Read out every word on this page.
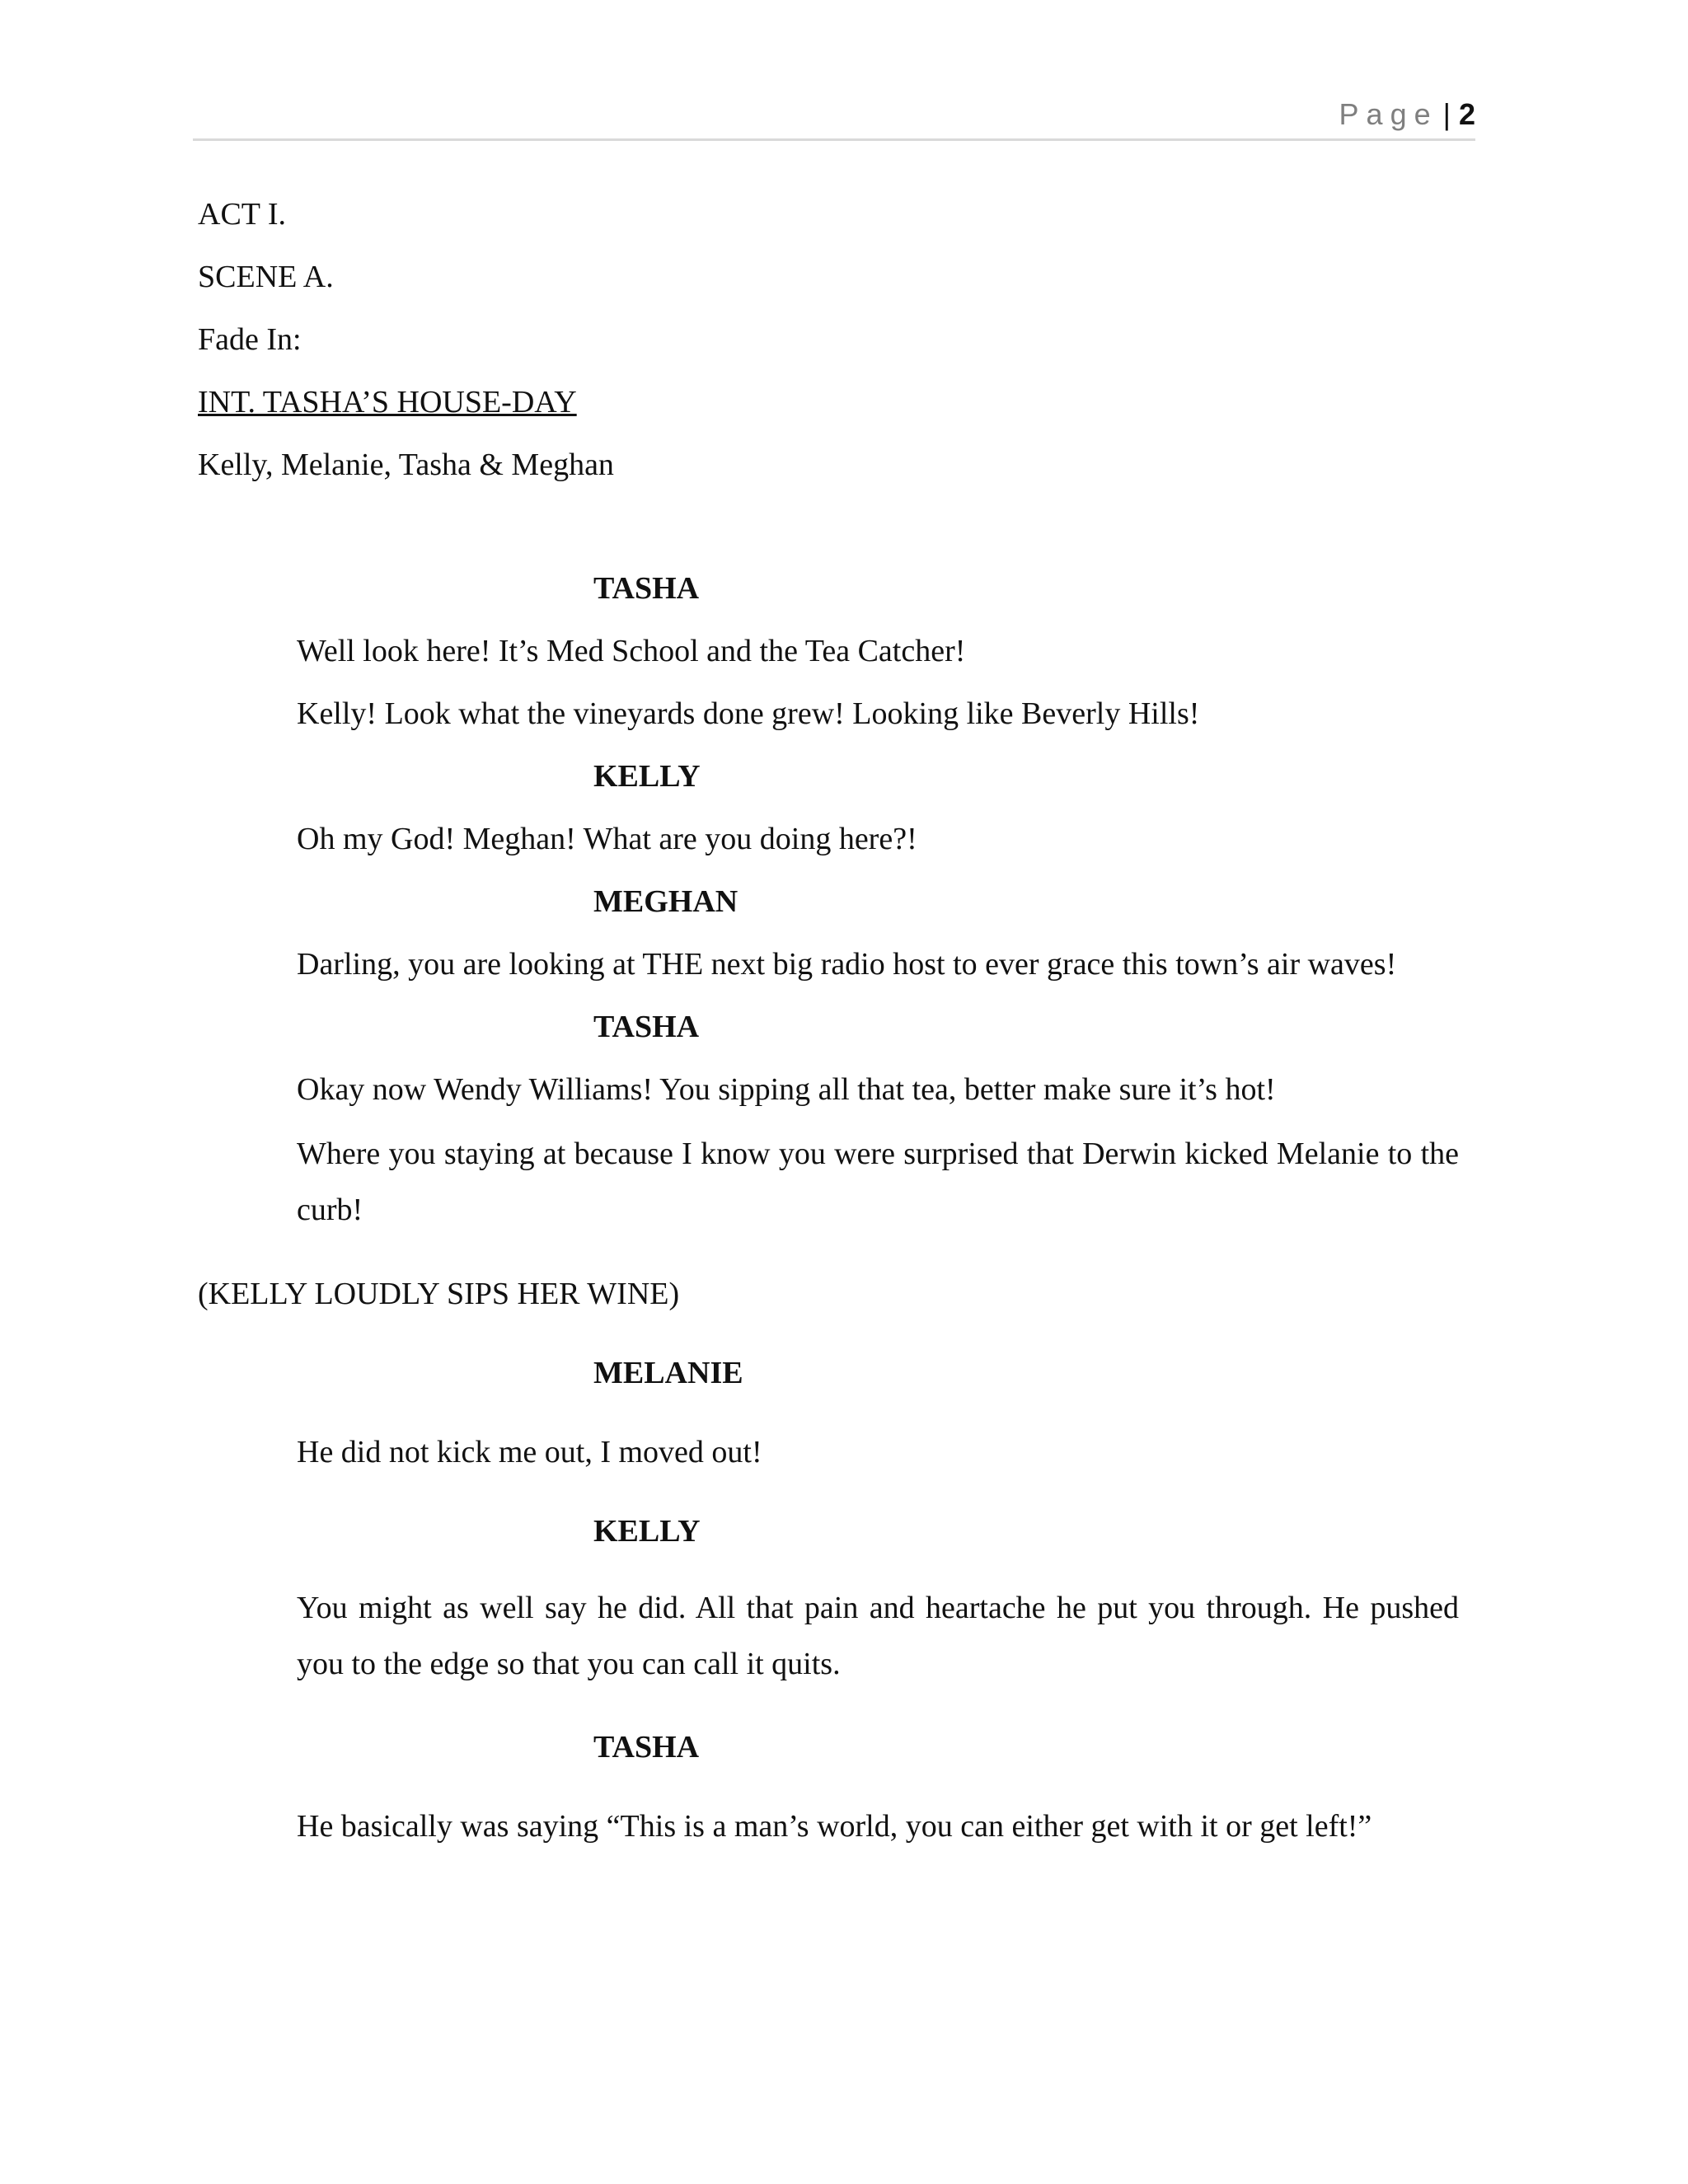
Page | 2
ACT I.
SCENE A.
Fade In:
INT. TASHA’S HOUSE-DAY
Kelly, Melanie, Tasha & Meghan
TASHA
Well look here! It’s Med School and the Tea Catcher!
Kelly! Look what the vineyards done grew! Looking like Beverly Hills!
KELLY
Oh my God! Meghan! What are you doing here?!
MEGHAN
Darling, you are looking at THE next big radio host to ever grace this town’s air waves!
TASHA
Okay now Wendy Williams! You sipping all that tea, better make sure it’s hot!
Where you staying at because I know you were surprised that Derwin kicked Melanie to the curb!
(KELLY LOUDLY SIPS HER WINE)
MELANIE
He did not kick me out, I moved out!
KELLY
You might as well say he did. All that pain and heartache he put you through. He pushed you to the edge so that you can call it quits.
TASHA
He basically was saying “This is a man’s world, you can either get with it or get left!”
